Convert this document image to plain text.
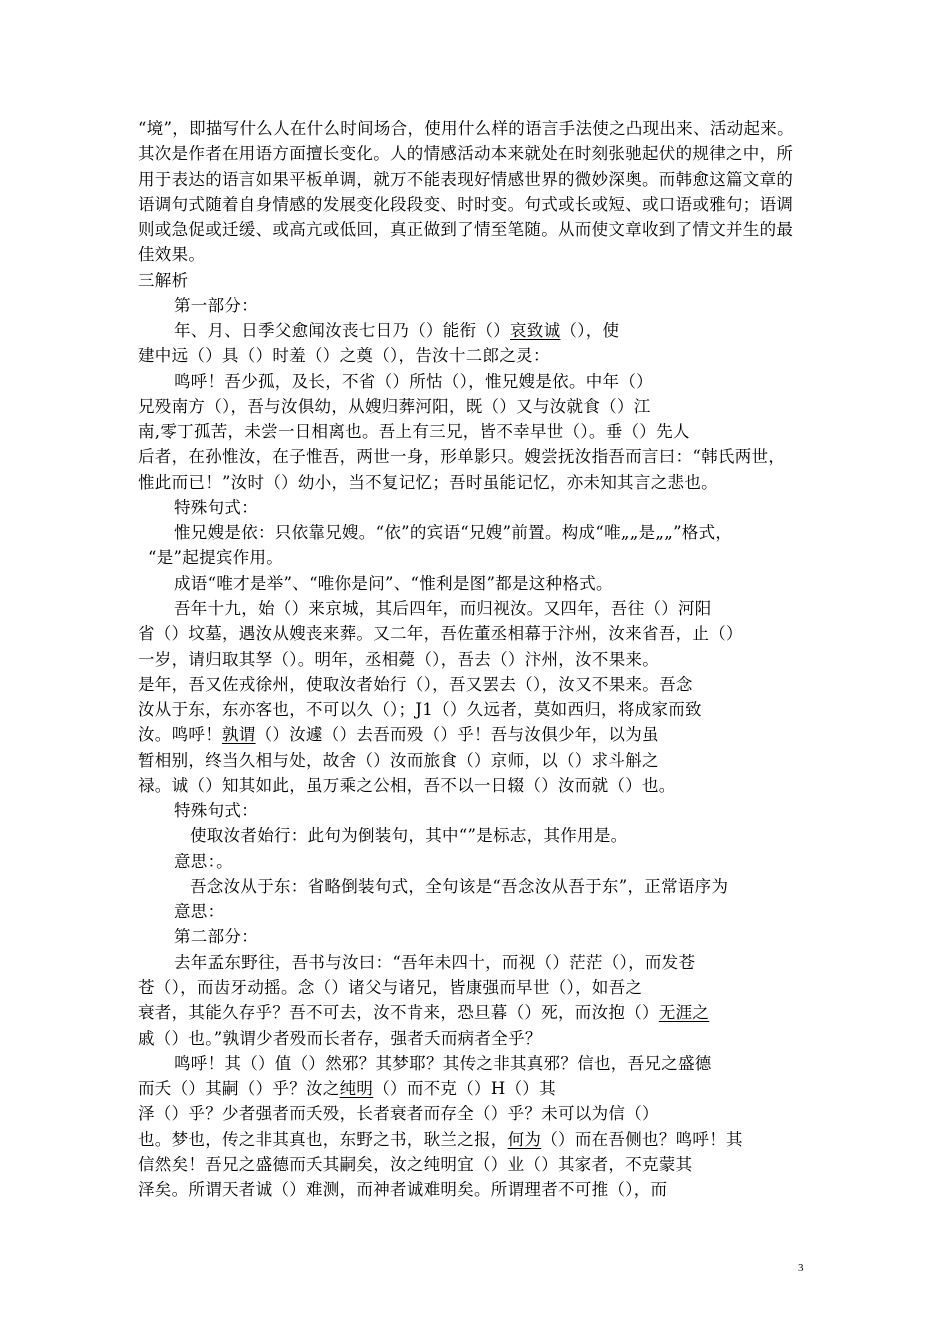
“境”，即描写什么人在什么时间场合，使用什么样的语言手法使之凸现出来、活动起来。
其次是作者在用语方面擅长变化。人的情感活动本来就处在时刻张驰起伏的规律之中，所
用于表达的语言如果平板单调，就万不能表现好情感世界的微妙深奥。而韩愈这篇文章的
语调句式随着自身情感的发展变化段段变、时时变。句式或长或短、或口语或雅句；语调
则或急促或迁缓、或高亢或低回，真正做到了情至笔随。从而使文章收到了情文并生的最
佳效果。
三解析
第一部分：
年、月、日季父愈闻汝丧七日乃（）能衔（）哀致诚（），使
建中远（）具（）时羞（）之奠（），告汝十二郎之灵：
鸣呼！吾少孤，及长，不省（）所怙（），惟兄嫂是依。中年（）
兄殁南方（），吾与汝俱幼，从嫂归葬河阳，既（）又与汝就食（）江
南,零丁孤苦，未尝一日相离也。吾上有三兄，皆不幸早世（）。垂（）先人
后者，在孙惟汝，在子惟吾，两世一身，形单影只。嫂尝抚汝指吾而言曰：“韩氏两世，
惟此而已！”汝时（）幼小，当不复记忆；吾时虽能记忆，亦未知其言之悲也。
特殊句式：
惟兄嫂是依：只依靠兄嫂。“依”的宾语“兄嫂”前置。构成“唯„„是„„”格式，
“是”起提宾作用。
成语“唯才是举”、“唯你是问”、“惟利是图”都是这种格式。
吾年十九，始（）来京城，其后四年，而归视汝。又四年，吾往（）河阳
省（）坟墓，遇汝从嫂丧来葬。又二年，吾佐董丞相幕于汴州，汝来省吾，止（）
一岁，请归取其孥（）。明年，丞相薨（），吾去（）汴州，汝不果来。
是年，吾又佐戎徐州，使取汝者始行（），吾又罢去（），汝又不果来。吾念
汝从于东，东亦客也，不可以久（）；J1（）久远者，莫如西归，将成家而致
汝。鸣呼！孰谓（）汝遽（）去吾而殁（）乎！吾与汝俱少年，以为虽
暂相别，终当久相与处，故舍（）汝而旅食（）京师，以（）求斗斛之
禄。诚（）知其如此，虽万乘之公相，吾不以一日辍（）汝而就（）也。
特殊句式：
使取汝者始行：此句为倒装句，其中“”是标志，其作用是。
意思：。
吾念汝从于东：省略倒装句式，全句该是“吾念汝从吾于东”，正常语序为
意思：
第二部分：
去年孟东野往，吾书与汝曰：“吾年未四十，而视（）茫茫（），而发苍
苍（），而齿牙动摇。念（）诸父与诸兄，皆康强而早世（），如吾之
衰者，其能久存乎？吾不可去，汝不肯来，恐旦暮（）死，而汝抱（）无涯之
戚（）也。”孰谓少者殁而长者存，强者夭而病者全乎？
鸣呼！其（）值（）然邪？其梦耶？其传之非其真邪？信也，吾兄之盛德
而夭（）其嗣（）乎？汝之纯明（）而不克（）H（）其
泽（）乎？少者强者而夭殁，长者衰者而存全（）乎？未可以为信（）
也。梦也，传之非其真也，东野之书，耿兰之报，何为（）而在吾侧也？鸣呼！其
信然矣！吾兄之盛德而夭其嗣矣，汝之纯明宜（）业（）其家者，不克蒙其
泽矣。所谓天者诚（）难测，而神者诚难明矣。所谓理者不可推（），而
3
